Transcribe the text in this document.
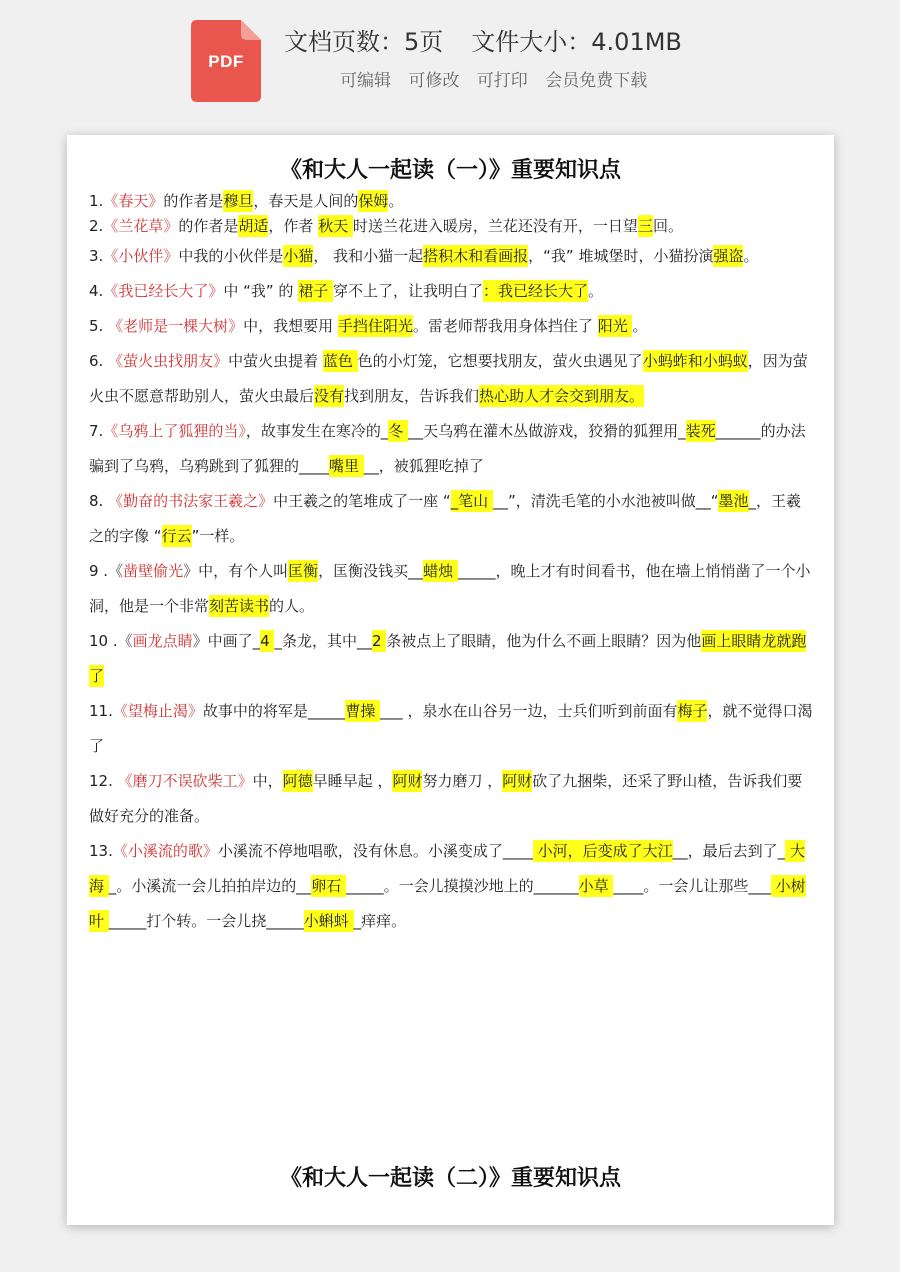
PDF
文档页数：5页 文件大小：4.01MB
可编辑 可修改 可打印 会员免费下载
《和大人一起读（一）》重要知识点

1.《春天》的作者是穆旦，春天是人间的保姆。

2.《兰花草》的作者是胡适，作者 秋天 时送兰花进入暖房，兰花还没有开，一日望三回。

3.《小伙伴》中我的小伙伴是小猫， 我和小猫一起搭积木和看画报，“我” 堆城堡时，小猫扮演强盗。

4.《我已经长大了》中 “我” 的 裙子 穿不上了，让我明白了：我已经长大了。

5. 《老师是一棵大树》中，我想要用 手挡住阳光。雷老师帮我用身体挡住了 阳光 。

6. 《萤火虫找朋友》中萤火虫提着 蓝色 色的小灯笼，它想要找朋友，萤火虫遇见了小蚂蚱和小蚂蚁，因为萤火虫不愿意帮助别人，萤火虫最后没有找到朋友，告诉我们热心助人才会交到朋友。

7.《乌鸦上了狐狸的当》，故事发生在寒冷的_冬 __天乌鸦在灌木丛做游戏，狡猾的狐狸用_装死______的办法骗到了乌鸦，乌鸦跳到了狐狸的____嘴里 __，被狐狸吃掉了

8. 《勤奋的书法家王羲之》中王羲之的笔堆成了一座 “_笔山 __”，清洗毛笔的小水池被叫做__“墨池_，王羲之的字像 “行云”一样。

9 .《凿壁偷光》中，有个人叫匡衡，匡衡没钱买__蜡烛 _____，晚上才有时间看书，他在墙上悄悄凿了一个小洞，他是一个非常刻苦读书的人。

10 .《画龙点睛》中画了_4 _条龙，其中__2 条被点上了眼睛，他为什么不画上眼睛？因为他画上眼睛龙就跑了

11.《望梅止渴》故事中的将军是_____曹操 ___ ，泉水在山谷另一边，士兵们听到前面有梅子，就不觉得口渴了

12. 《磨刀不误砍柴工》中，阿德早睡早起 ，阿财努力磨刀 ，阿财砍了九捆柴，还采了野山楂，告诉我们要做好充分的准备。

13.《小溪流的歌》小溪流不停地唱歌，没有休息。小溪变成了____ 小河，后变成了大江__，最后去到了_ 大海 _。小溪流一会儿拍拍岸边的__卵石 _____。一会儿摸摸沙地上的______小草 ____。一会儿让那些___ 小树叶 _____打个转。一会儿挠_____小蝌蚪 _痒痒。

《和大人一起读（二）》重要知识点
